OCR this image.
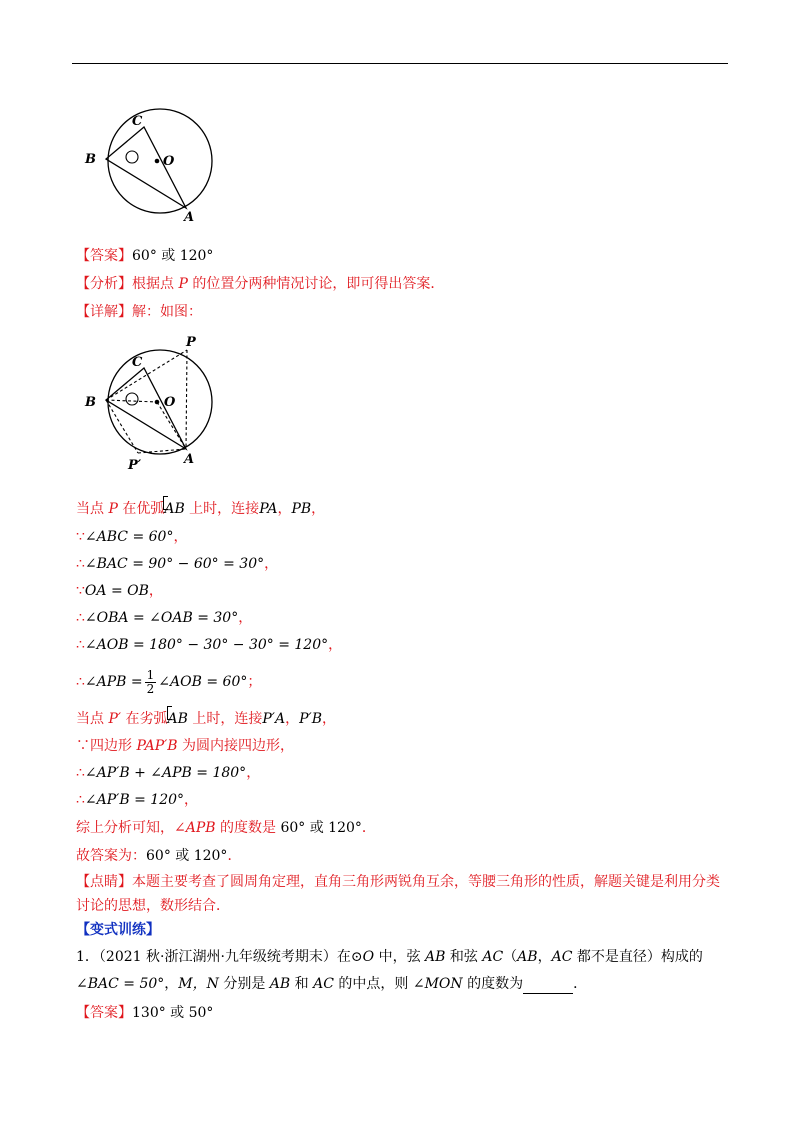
C
B	O
A
【答案】60° 或 120°
【分析】根据点 P 的位置分两种情况讨论，即可得出答案．
【详解】解：如图：
C
P
B	O
A
P′
当点 P 在优弧AB 上时，连接PA，PB，
∵∠ABC = 60°，
∴∠BAC = 90° − 60° = 30°，
∵OA = OB，
∴∠OBA = ∠OAB = 30°，
∴∠AOB = 180° − 30° − 30° = 120°，
∴∠APB = $\frac{1}{2}$ ∠AOB = 60°；
当点 P′ 在劣弧AB 上时，连接P′A，P′B，
∵四边形 PAP′B 为圆内接四边形，
∴∠AP′B + ∠APB = 180°，
∴∠AP′B = 120°，
综上分析可知，∠APB 的度数是 60° 或 120°．
故答案为：60° 或 120°．
【点睛】本题主要考查了圆周角定理，直角三角形两锐角互余，等腰三角形的性质，解题关键是利用分类
讨论的思想，数形结合．
【变式训练】
1．（2021 秋·浙江湖州·九年级统考期末）在⊙O 中，弦 AB 和弦 AC（AB，AC 都不是直径）构成的
∠BAC = 50°，M，N 分别是 AB 和 AC 的中点，则 ∠MON 的度数为	．
【答案】130° 或 50°
